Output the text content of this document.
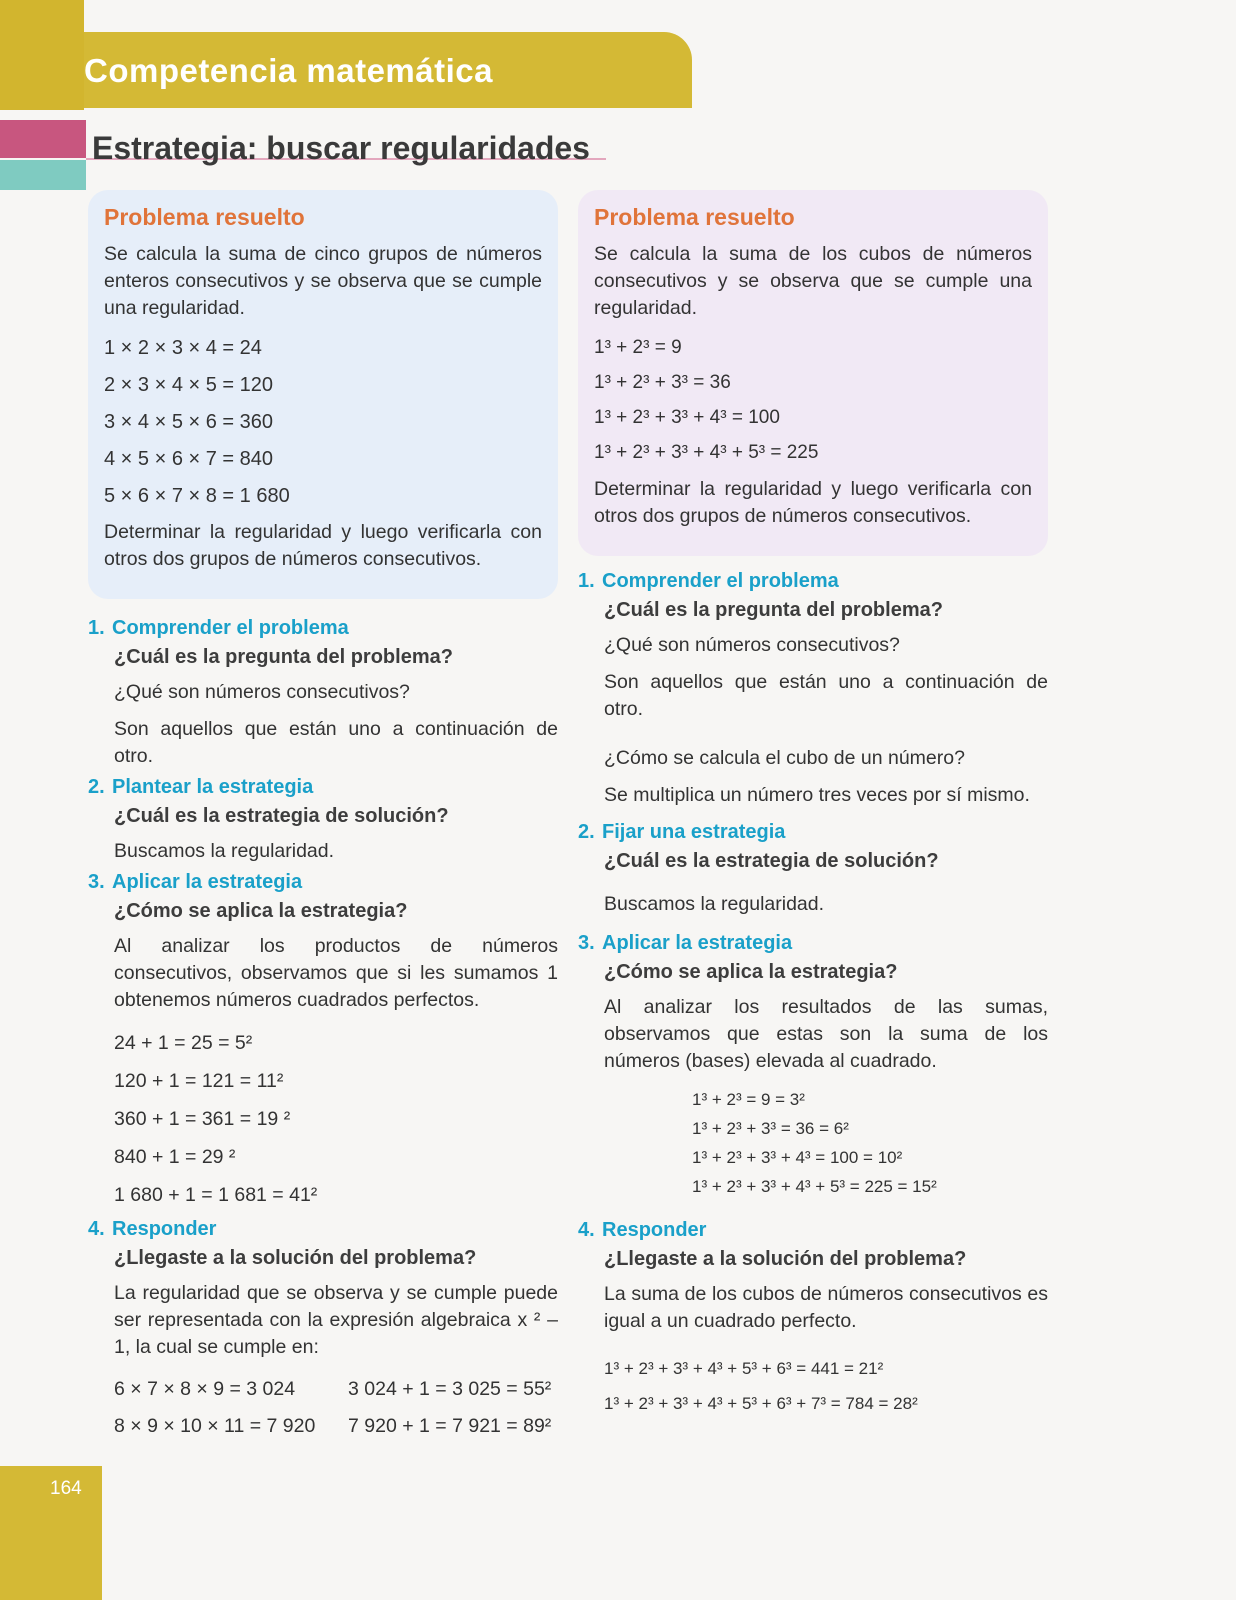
Competencia matemática
Estrategia: buscar regularidades
Problema resuelto
Se calcula la suma de cinco grupos de números enteros consecutivos y se observa que se cumple una regularidad.
1 × 2 × 3 × 4 = 24
2 × 3 × 4 × 5 = 120
3 × 4 × 5 × 6 = 360
4 × 5 × 6 × 7 = 840
5 × 6 × 7 × 8 = 1 680
Determinar la regularidad y luego verificarla con otros dos grupos de números consecutivos.
1. Comprender el problema
¿Cuál es la pregunta del problema?
¿Qué son números consecutivos?
Son aquellos que están uno a continuación de otro.
2. Plantear la estrategia
¿Cuál es la estrategia de solución?
Buscamos la regularidad.
3. Aplicar la estrategia
¿Cómo se aplica la estrategia?
Al analizar los productos de números consecutivos, observamos que si les sumamos 1 obtenemos números cuadrados perfectos.
24 + 1 = 25 = 5²
120 + 1 = 121 = 11²
360 + 1 = 361 = 19 ²
840 + 1 = 29 ²
1 680 + 1 = 1 681 = 41²
4. Responder
¿Llegaste a la solución del problema?
La regularidad que se observa y se cumple puede ser representada con la expresión algebraica x ² – 1, la cual se cumple en:
6 × 7 × 8 × 9 = 3 024	3 024 + 1 = 3 025 = 55²
8 × 9 × 10 × 11 = 7 920	7 920 + 1 = 7 921 = 89²
Problema resuelto
Se calcula la suma de los cubos de números consecutivos y se observa que se cumple una regularidad.
1³ + 2³ = 9
1³ + 2³ + 3³ = 36
1³ + 2³ + 3³ + 4³ = 100
1³ + 2³ + 3³ + 4³ + 5³ = 225
Determinar la regularidad y luego verificarla con otros dos grupos de números consecutivos.
1. Comprender el problema
¿Cuál es la pregunta del problema?
¿Qué son números consecutivos?
Son aquellos que están uno a continuación de otro.
¿Cómo se calcula el cubo de un número?
Se multiplica un número tres veces por sí mismo.
2. Fijar una estrategia
¿Cuál es la estrategia de solución?
Buscamos la regularidad.
3. Aplicar la estrategia
¿Cómo se aplica la estrategia?
Al analizar los resultados de las sumas, observamos que estas son la suma de los números (bases) elevada al cuadrado.
1³ + 2³ = 9 = 3²
1³ + 2³ + 3³ = 36 = 6²
1³ + 2³ + 3³ + 4³ = 100 = 10²
1³ + 2³ + 3³ + 4³ + 5³ = 225 = 15²
4. Responder
¿Llegaste a la solución del problema?
La suma de los cubos de números consecutivos es igual a un cuadrado perfecto.
1³ + 2³ + 3³ + 4³ + 5³ + 6³ = 441 = 21²
1³ + 2³ + 3³ + 4³ + 5³ + 6³ + 7³ = 784 = 28²
164
